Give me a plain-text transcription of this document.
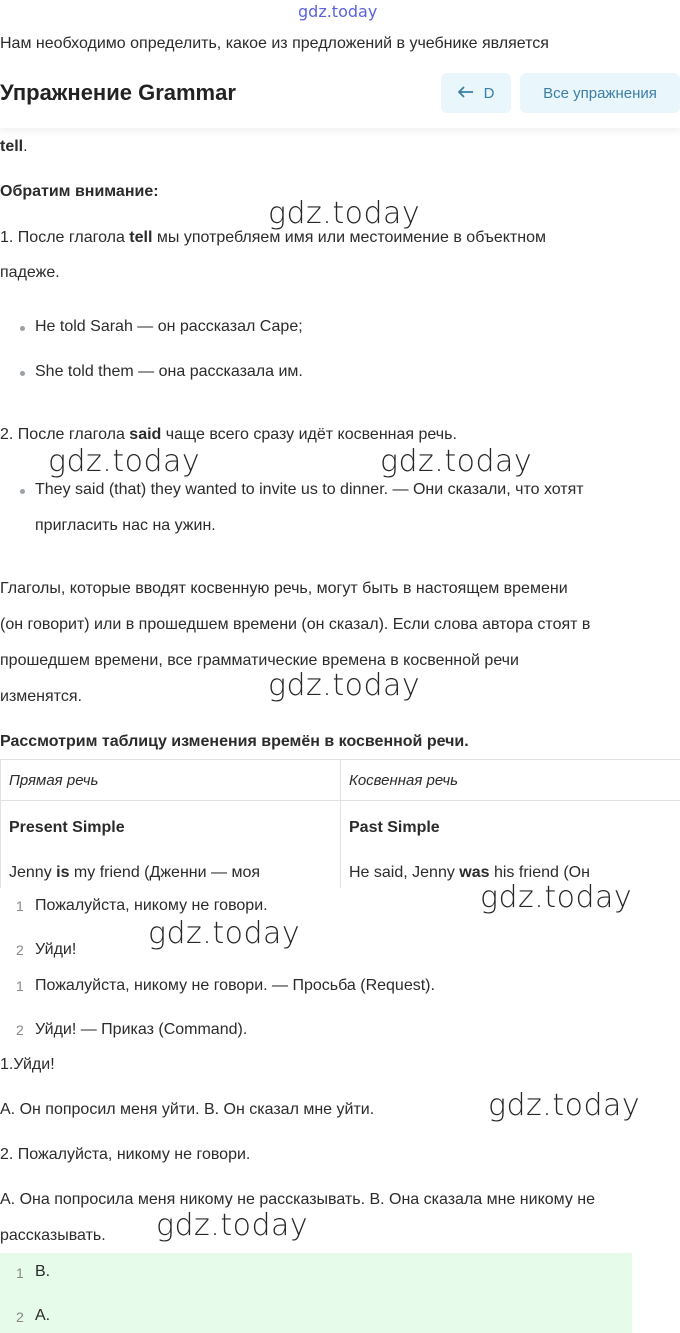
gdz.today
Нам необходимо определить, какое из предложений в учебнике является
Упражнение Grammar	D	Все упражнения
tell.
Обратим внимание:
1. После глагола tell мы употребляем имя или местоимение в объектном
падеже.
He told Sarah — он рассказал Саре;
She told them — она рассказала им.
2. После глагола said чаще всего сразу идёт косвенная речь.
They said (that) they wanted to invite us to dinner. — Они сказали, что хотят
пригласить нас на ужин.
Глаголы, которые вводят косвенную речь, могут быть в настоящем времени
(он говорит) или в прошедшем времени (он сказал). Если слова автора стоят в
прошедшем времени, все грамматические времена в косвенной речи
изменятся.
Рассмотрим таблицу изменения времён в косвенной речи.
Прямая речь	Косвенная речь
Present Simple	Past Simple
Jenny is my friend (Дженни — моя	He said, Jenny was his friend (Он
1 Пожалуйста, никому не говори.
2 Уйди!
1 Пожалуйста, никому не говори. — Просьба (Request).
2 Уйди! — Приказ (Command).
1.Уйди!
A. Он попросил меня уйти. B. Он сказал мне уйти.
2. Пожалуйста, никому не говори.
A. Она попросила меня никому не рассказывать. B. Она сказала мне никому не
рассказывать.
1 B.
2 A.
gdz.today
gdz.today	gdz.today
gdz.today
gdz.today
gdz.today
gdz.today
gdz.today
